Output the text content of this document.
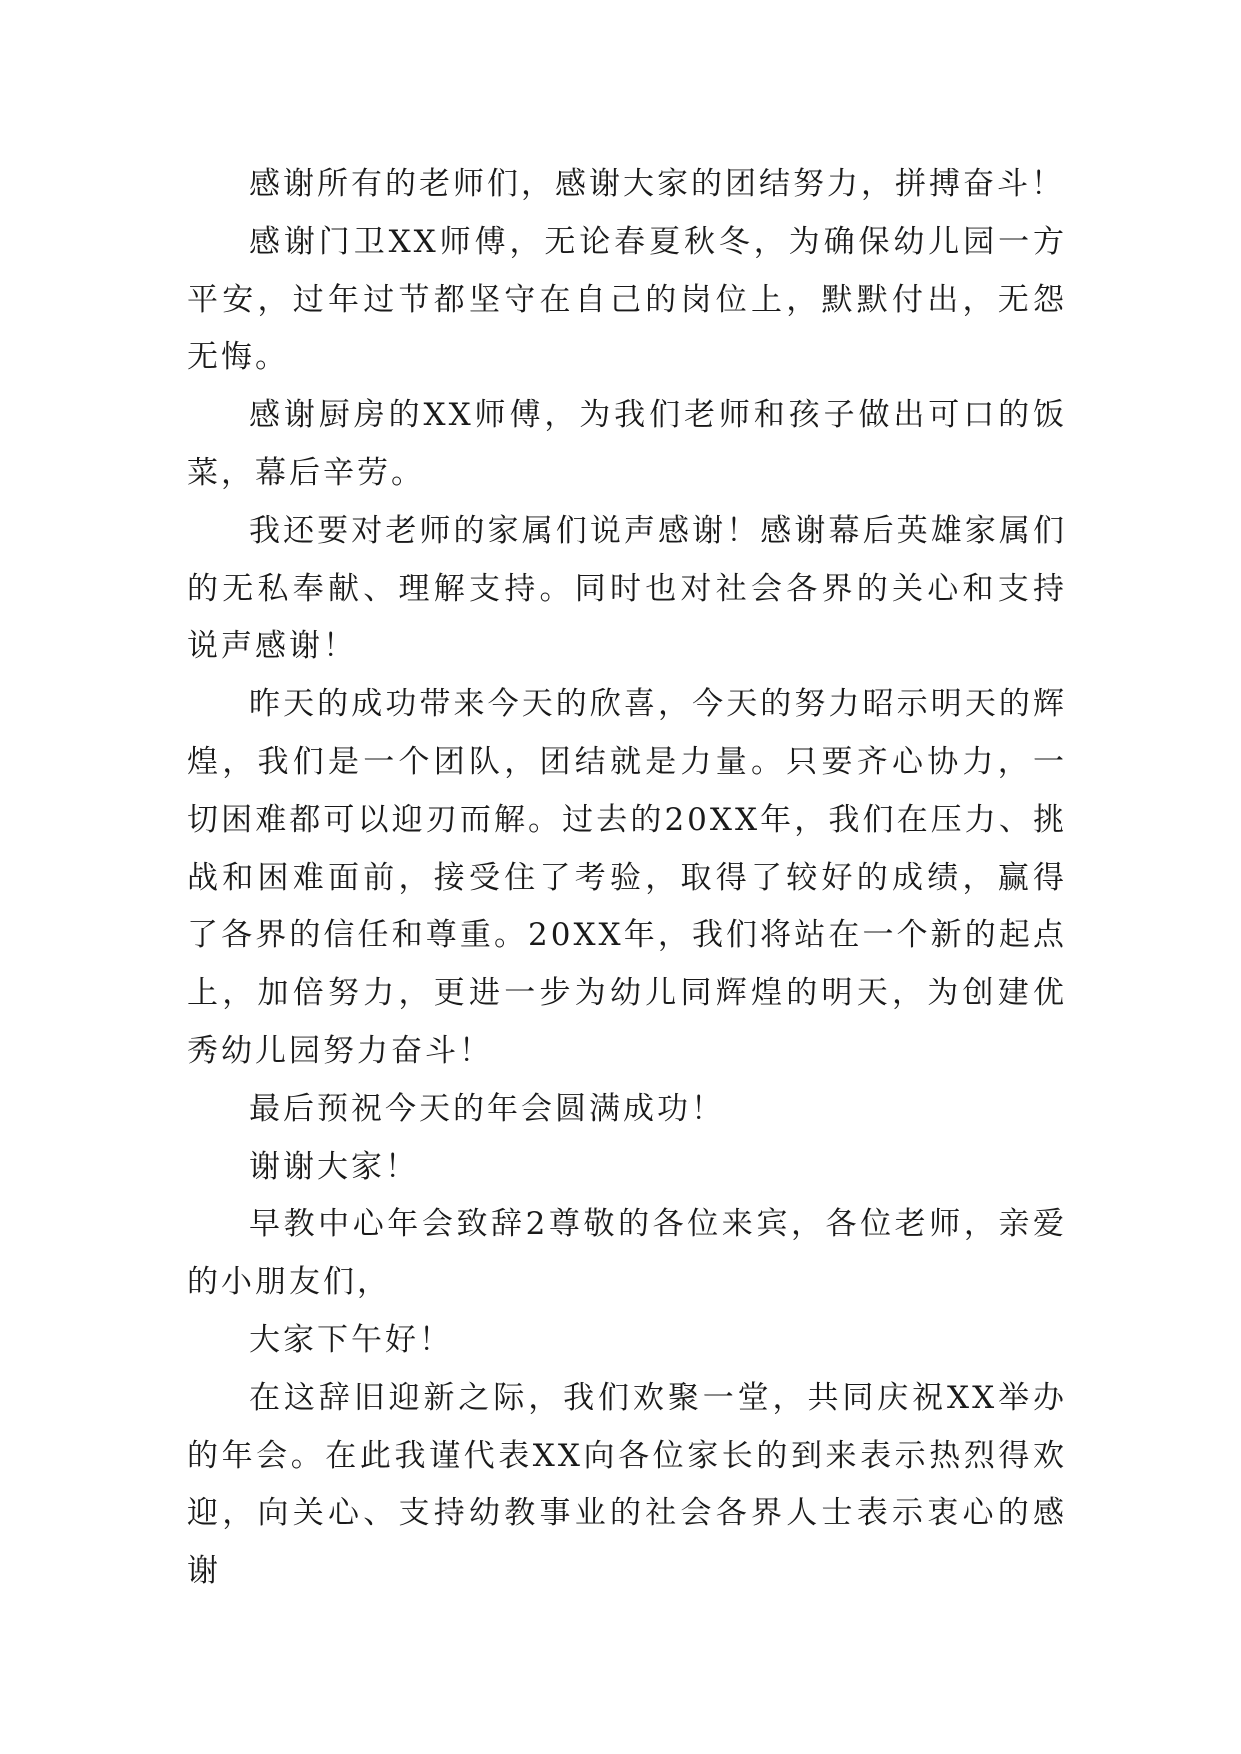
感谢所有的老师们，感谢大家的团结努力，拼搏奋斗！

感谢门卫XX师傅，无论春夏秋冬，为确保幼儿园一方平安，过年过节都坚守在自己的岗位上，默默付出，无怨无悔。

感谢厨房的XX师傅，为我们老师和孩子做出可口的饭菜，幕后辛劳。

我还要对老师的家属们说声感谢！感谢幕后英雄家属们的无私奉献、理解支持。同时也对社会各界的关心和支持说声感谢！

昨天的成功带来今天的欣喜，今天的努力昭示明天的辉煌，我们是一个团队，团结就是力量。只要齐心协力，一切困难都可以迎刃而解。过去的20XX年，我们在压力、挑战和困难面前，接受住了考验，取得了较好的成绩，赢得了各界的信任和尊重。20XX年，我们将站在一个新的起点上，加倍努力，更进一步为幼儿同辉煌的明天，为创建优秀幼儿园努力奋斗！

最后预祝今天的年会圆满成功！

谢谢大家！

早教中心年会致辞2尊敬的各位来宾，各位老师，亲爱的小朋友们，

大家下午好！

在这辞旧迎新之际，我们欢聚一堂，共同庆祝XX举办的年会。在此我谨代表XX向各位家长的到来表示热烈得欢迎，向关心、支持幼教事业的社会各界人士表示衷心的感谢
